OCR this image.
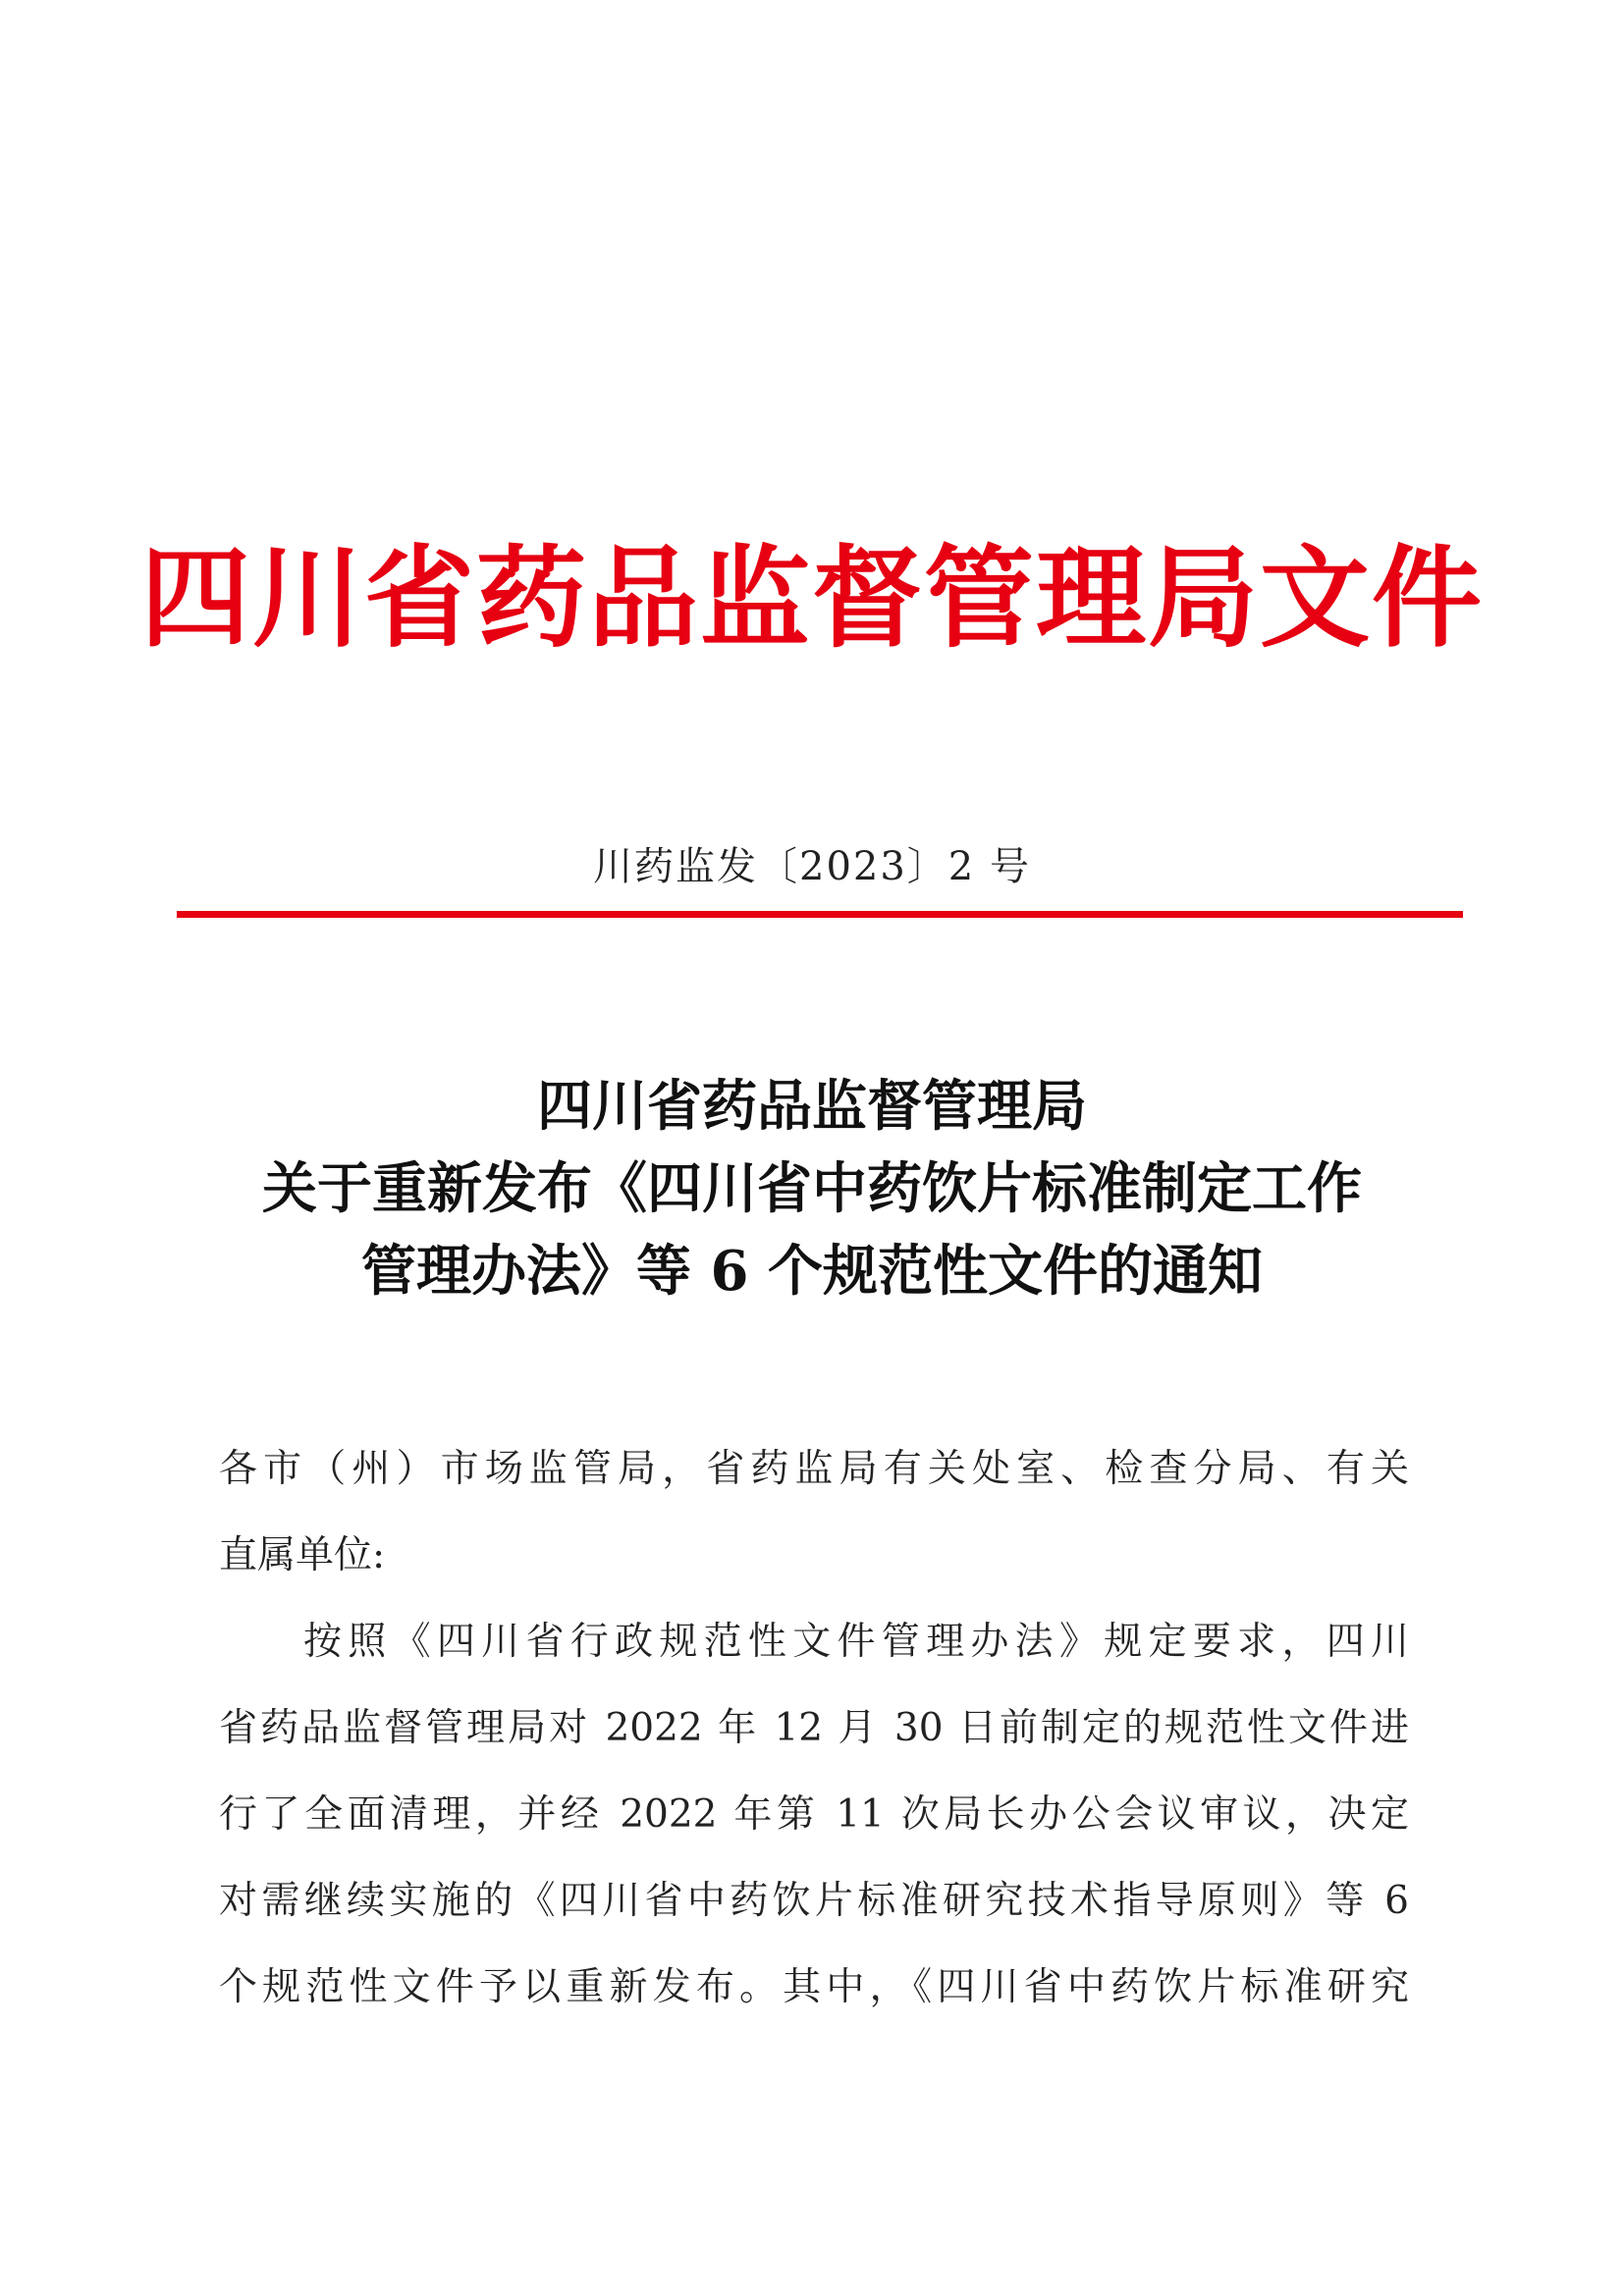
四川省药品监督管理局文件
川药监发〔2023〕2 号
四川省药品监督管理局
关于重新发布《四川省中药饮片标准制定工作
管理办法》等 6 个规范性文件的通知
各市（州）市场监管局，省药监局有关处室、检查分局、有关
直属单位:
按照《四川省行政规范性文件管理办法》规定要求，四川
省药品监督管理局对 2022 年 12 月 30 日前制定的规范性文件进
行了全面清理，并经 2022 年第 11 次局长办公会议审议，决定
对需继续实施的《四川省中药饮片标准研究技术指导原则》等 6
个规范性文件予以重新发布。其中，《四川省中药饮片标准研究
